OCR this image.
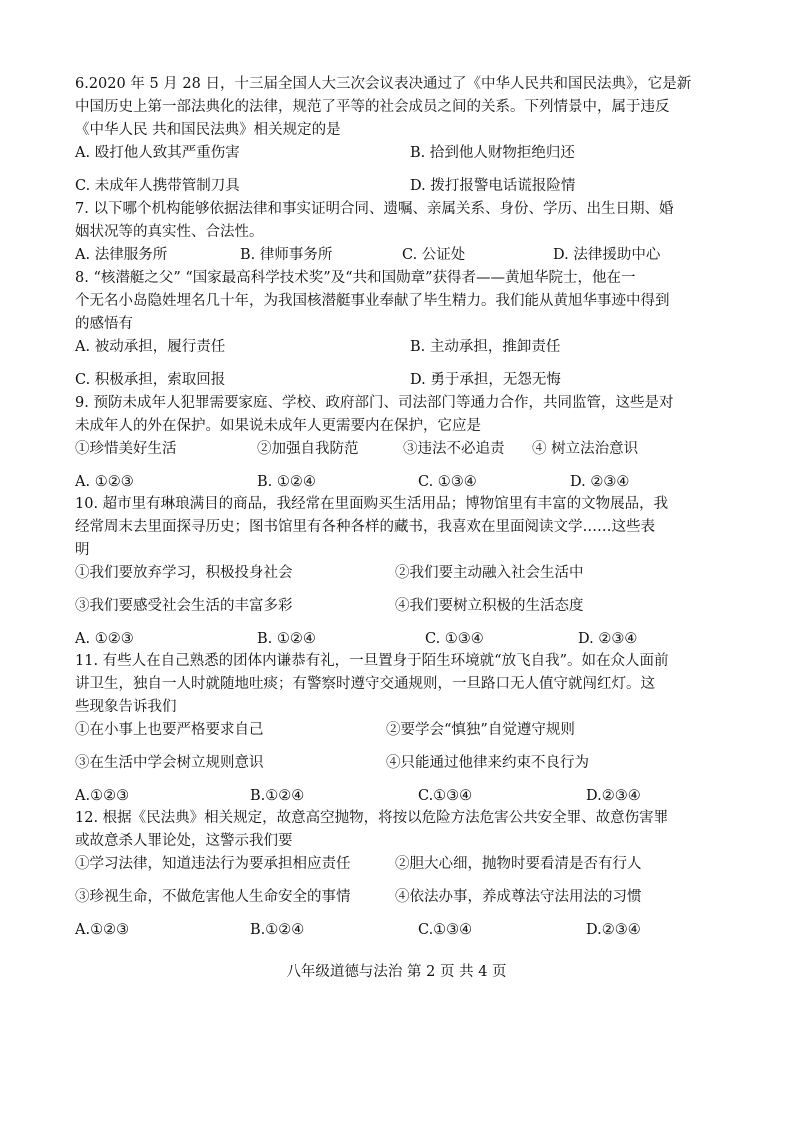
6.2020 年 5 月 28 日，十三届全国人大三次会议表决通过了《中华人民共和国民法典》，它是新
中国历史上第一部法典化的法律，规范了平等的社会成员之间的关系。下列情景中，属于违反
《中华人民 共和国民法典》相关规定的是
A. 殴打他人致其严重伤害	B. 拾到他人财物拒绝归还
C. 未成年人携带管制刀具	D. 拨打报警电话谎报险情
7. 以下哪个机构能够依据法律和事实证明合同、遗嘱、亲属关系、身份、学历、出生日期、婚
姻状况等的真实性、合法性。
A. 法律服务所	B. 律师事务所	C. 公证处	D. 法律援助中心
8. “核潜艇之父” “国家最高科学技术奖”及“共和国勋章”获得者——黄旭华院士，他在一
个无名小岛隐姓埋名几十年，为我国核潜艇事业奉献了毕生精力。我们能从黄旭华事迹中得到
的感悟有
A. 被动承担，履行责任	B. 主动承担，推卸责任
C. 积极承担，索取回报	D. 勇于承担，无怨无悔
9. 预防未成年人犯罪需要家庭、学校、政府部门、司法部门等通力合作，共同监管，这些是对
未成年人的外在保护。如果说未成年人更需要内在保护，它应是
①珍惜美好生活	②加强自我防范	③违法不必追责 ④ 树立法治意识
A. ①②③	B. ①②④	C. ①③④	D. ②③④
10. 超市里有琳琅满目的商品，我经常在里面购买生活用品；博物馆里有丰富的文物展品，我
经常周末去里面探寻历史；图书馆里有各种各样的藏书，我喜欢在里面阅读文学……这些表
明
①我们要放弃学习，积极投身社会	②我们要主动融入社会生活中
③我们要感受社会生活的丰富多彩	④我们要树立积极的生活态度
A. ①②③	B. ①②④	C. ①③④	D. ②③④
11. 有些人在自己熟悉的团体内谦恭有礼，一旦置身于陌生环境就“放飞自我”。如在众人面前
讲卫生，独自一人时就随地吐痰；有警察时遵守交通规则，一旦路口无人值守就闯红灯。这
些现象告诉我们
①在小事上也要严格要求自己	②要学会“慎独”自觉遵守规则
③在生活中学会树立规则意识	④只能通过他律来约束不良行为
A.①②③	B.①②④	C.①③④	D.②③④
12. 根据《民法典》相关规定，故意高空抛物，将按以危险方法危害公共安全罪、故意伤害罪
或故意杀人罪论处，这警示我们要
①学习法律，知道违法行为要承担相应责任	②胆大心细，抛物时要看清是否有行人
③珍视生命，不做危害他人生命安全的事情	④依法办事，养成尊法守法用法的习惯
A.①②③	B.①②④	C.①③④	D.②③④
八年级道德与法治 第 2 页 共 4 页
